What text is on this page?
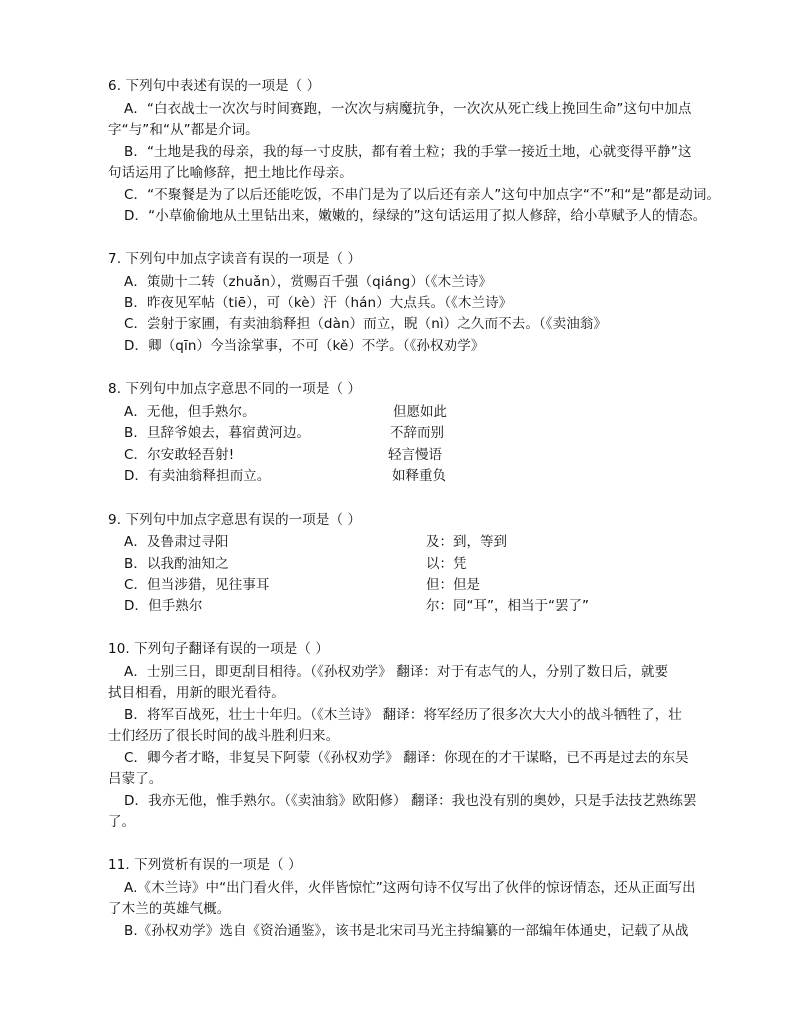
6. 下列句中表述有误的一项是（ ）
A．“白衣战士一次次与时间赛跑，一次次与病魔抗争，一次次从死亡线上挽回生命”这句中加点
字“与”和“从”都是介词。
B．“土地是我的母亲，我的每一寸皮肤，都有着土粒；我的手掌一接近土地，心就变得平静”这
句话运用了比喻修辞，把土地比作母亲。
C．“不聚餐是为了以后还能吃饭，不串门是为了以后还有亲人”这句中加点字“不”和“是”都是动词。
D．“小草偷偷地从土里钻出来，嫩嫩的，绿绿的”这句话运用了拟人修辞，给小草赋予人的情态。
7. 下列句中加点字读音有误的一项是（ ）
A．策勋十二转（zhuǎn），赏赐百千强（qiáng）（《木兰诗》
B．昨夜见军帖（tiē），可（kè）汗（hán）大点兵。（《木兰诗》
C．尝射于家圃，有卖油翁释担（dàn）而立，睨（nì）之久而不去。（《卖油翁》
D．卿（qīn）今当涂掌事，不可（kě）不学。（《孙权劝学》
8. 下列句中加点字意思不同的一项是（ ）
A．无他，但手熟尔。	但愿如此
B．旦辞爷娘去，暮宿黄河边。	不辞而别
C．尔安敢轻吾射!	轻言慢语
D．有卖油翁释担而立。	如释重负
9. 下列句中加点字意思有误的一项是（ ）
A．及鲁肃过寻阳	及：到，等到
B．以我酌油知之	以：凭
C．但当涉猎，见往事耳	但：但是
D．但手熟尔	尔：同“耳”，相当于“罢了”
10. 下列句子翻译有误的一项是（ ）
A．士别三日，即更刮目相待。（《孙权劝学》 翻译：对于有志气的人，分别了数日后，就要
拭目相看，用新的眼光看待。
B．将军百战死，壮士十年归。（《木兰诗》 翻译：将军经历了很多次大大小的战斗牺牲了，壮
士们经历了很长时间的战斗胜利归来。
C．卿今者才略，非复吴下阿蒙（《孙权劝学》 翻译：你现在的才干谋略，已不再是过去的东吴
吕蒙了。
D．我亦无他，惟手熟尔。（《卖油翁》欧阳修） 翻译：我也没有别的奥妙，只是手法技艺熟练罢
了。
11. 下列赏析有误的一项是（ ）
A.《木兰诗》中“出门看火伴，火伴皆惊忙”这两句诗不仅写出了伙伴的惊讶情态，还从正面写出
了木兰的英雄气概。
B.《孙权劝学》选自《资治通鉴》，该书是北宋司马光主持编纂的一部编年体通史，记载了从战
